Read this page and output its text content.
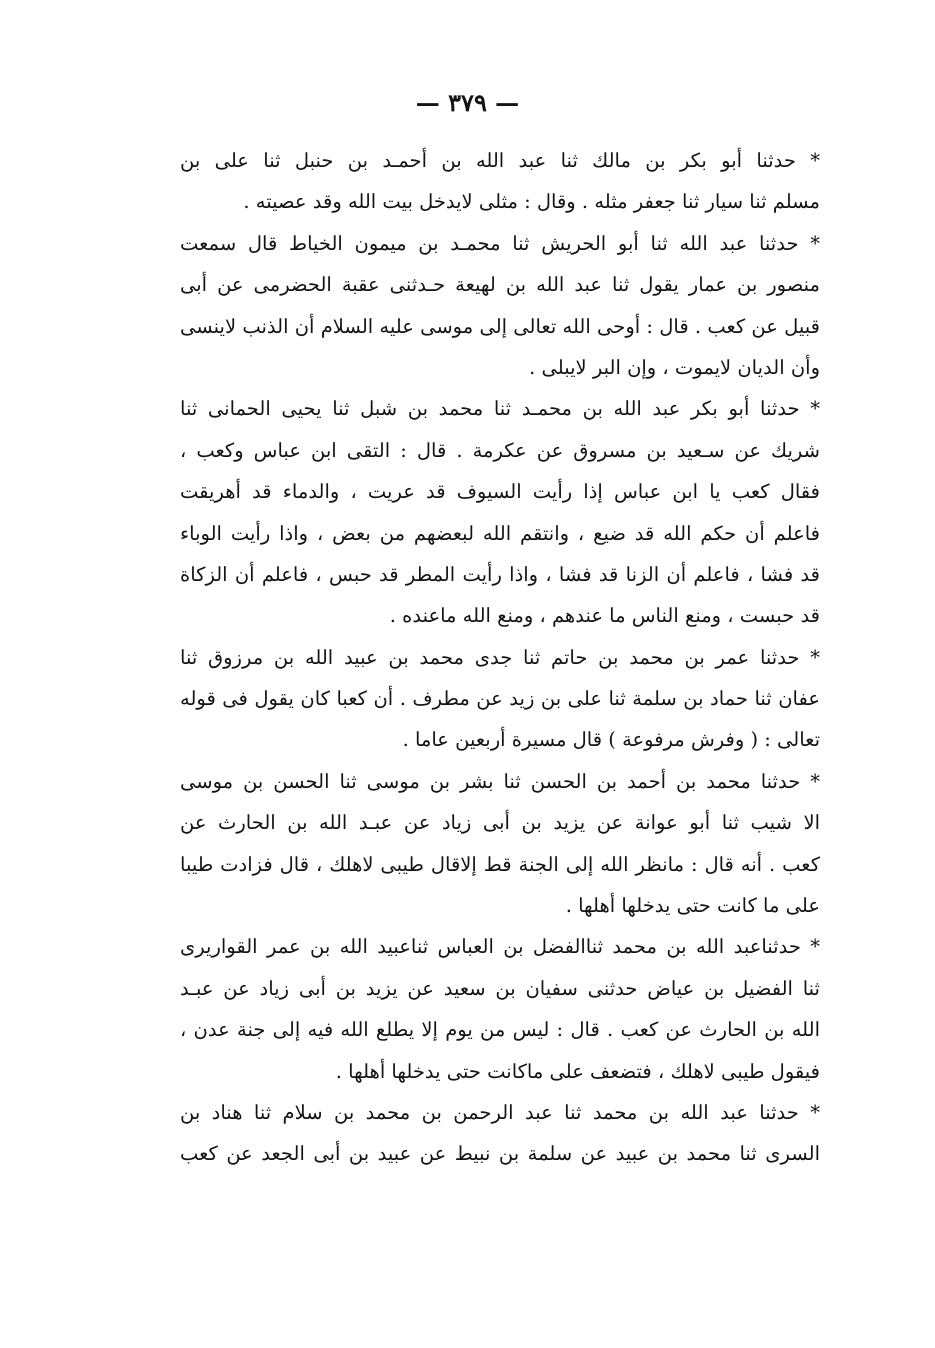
— ٣٧٩ —
* حدثنا أبو بكر بن مالك ثنا عبد الله بن أحمـد بن حنبل ثنا على بن
مسلم ثنا سيار ثنا جعفر مثله . وقال : مثلى لايدخل بيت الله وقد عصيته .
* حدثنا عبد الله ثنا أبو الحريش ثنا محمـد بن ميمون الخياط قال سمعت
منصور بن عمار يقول ثنا عبد الله بن لهيعة حـدثنى عقبة الحضرمى عن أبى
قبيل عن كعب . قال : أوحى الله تعالى إلى موسى عليه السلام أن الذنب لاينسى
وأن الديان لايموت ، وإن البر لايبلى .
* حدثنا أبو بكر عبد الله بن محمـد ثنا محمد بن شبل ثنا يحيى الحمانى ثنا
شريك عن سـعيد بن مسروق عن عكرمة . قال : التقى ابن عباس وكعب ،
فقال كعب يا ابن عباس إذا رأيت السيوف قد عريت ، والدماء قد أهريقت
فاعلم أن حكم الله قد ضيع ، وانتقم الله لبعضهم من بعض ، واذا رأيت الوباء
قد فشا ، فاعلم أن الزنا قد فشا ، واذا رأيت المطر قد حبس ، فاعلم أن الزكاة
قد حبست ، ومنع الناس ما عندهم ، ومنع الله ماعنده .
* حدثنا عمر بن محمد بن حاتم ثنا جدى محمد بن عبيد الله بن مرزوق ثنا
عفان ثنا حماد بن سلمة ثنا على بن زيد عن مطرف . أن كعبا كان يقول فى قوله
تعالى : ( وفرش مرفوعة ) قال مسيرة أربعين عاما .
* حدثنا محمد بن أحمد بن الحسن ثنا بشر بن موسى ثنا الحسن بن موسى
الا شيب ثنا أبو عوانة عن يزيد بن أبى زياد عن عبـد الله بن الحارث عن
كعب . أنه قال : مانظر الله إلى الجنة قط إلاقال طيبى لاهلك ، قال فزادت طيبا
على ما كانت حتى يدخلها أهلها .
* حدثناعبد الله بن محمد ثناالفضل بن العباس ثناعبيد الله بن عمر القواريرى
ثنا الفضيل بن عياض حدثنى سفيان بن سعيد عن يزيد بن أبى زياد عن عبـد
الله بن الحارث عن كعب . قال : ليس من يوم إلا يطلع الله فيه إلى جنة عدن ،
فيقول طيبى لاهلك ، فتضعف على ماكانت حتى يدخلها أهلها .
* حدثنا عبد الله بن محمد ثنا عبد الرحمن بن محمد بن سلام ثنا هناد بن
السرى ثنا محمد بن عبيد عن سلمة بن نبيط عن عبيد بن أبى الجعد عن كعب
